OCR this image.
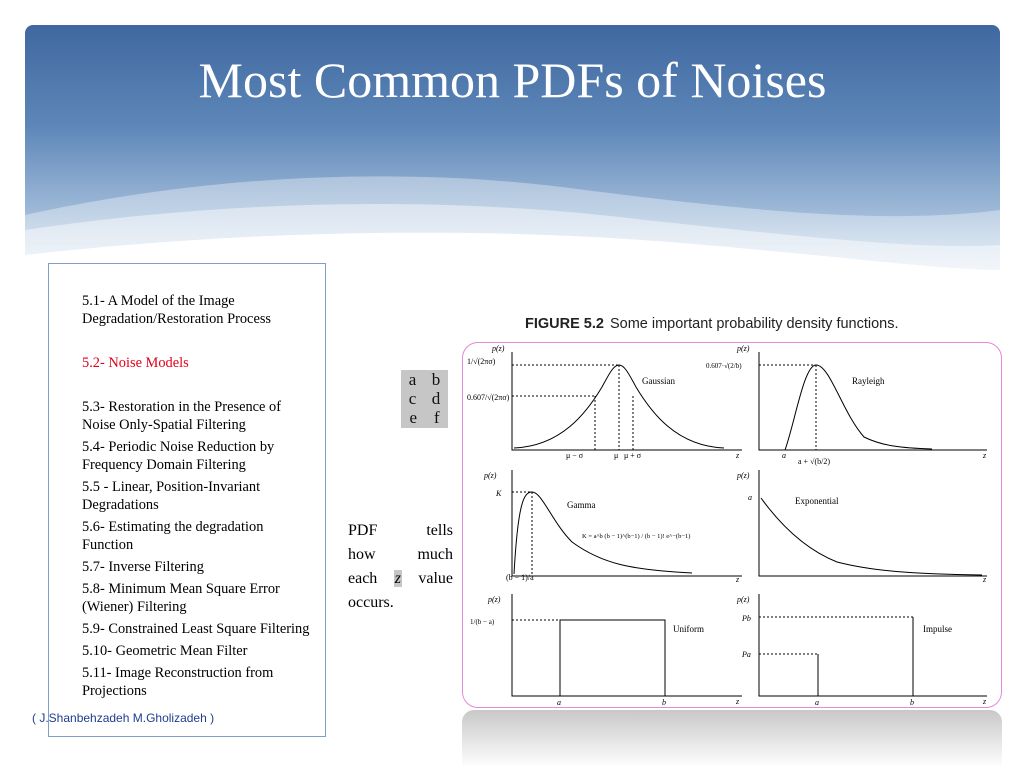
Most Common PDFs of Noises
5.1- A Model of the Image Degradation/Restoration Process
5.2- Noise Models
5.3- Restoration in the Presence of Noise Only-Spatial Filtering
5.4- Periodic Noise Reduction by Frequency Domain Filtering
5.5 - Linear, Position-Invariant Degradations
5.6- Estimating the degradation Function
5.7- Inverse Filtering
5.8- Minimum Mean Square Error (Wiener) Filtering
5.9- Constrained Least Square Filtering
5.10- Geometric Mean Filter
5.11- Image Reconstruction from Projections
( J.Shanbehzadeh M.Gholizadeh )
a b
c d
e f
PDF tells
how much
each z value
occurs.
FIGURE 5.2 Some important probability density functions.
p(z)
1/√(2πσ)
0.607/√(2πσ)
Gaussian
μ − σ	μ μ + σ	z
p(z)
0.607·√(2/b)
Rayleigh
a
a + √(b/2)
z
p(z)
K
Gamma
K = a^b (b − 1)^(b−1) / (b − 1)! e^−(b−1)
(b − 1)/a	z
p(z)
a	Exponential
z
p(z)
1/(b − a)
Uniform
a	b	z
p(z)
Pb
Pa
Impulse
a	b	z
